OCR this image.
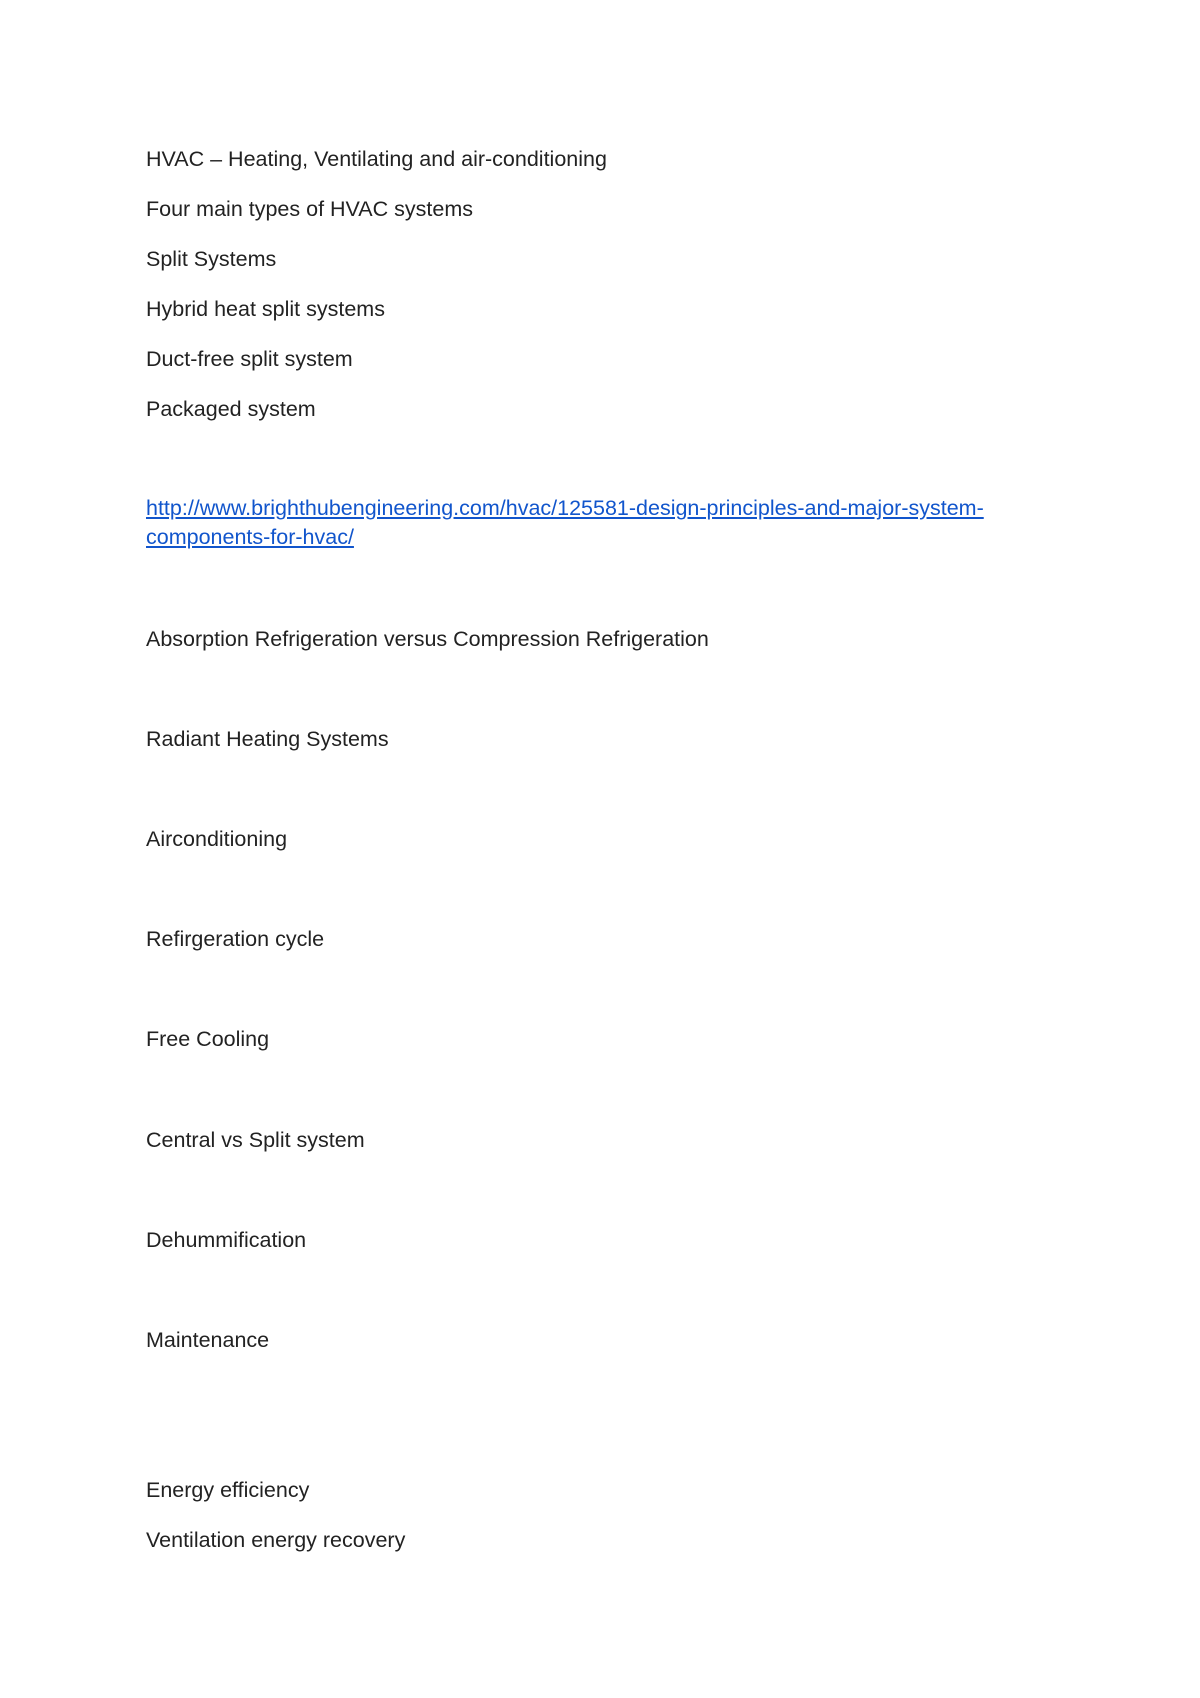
HVAC – Heating, Ventilating and air-conditioning

Four main types of HVAC systems

Split Systems

Hybrid heat split systems

Duct-free split system

Packaged system

http://www.brighthubengineering.com/hvac/125581-design-principles-and-major-system-
components-for-hvac/

Absorption Refrigeration versus Compression Refrigeration

Radiant Heating Systems

Airconditioning

Refirgeration cycle

Free Cooling

Central vs Split system

Dehummification

Maintenance

Energy efficiency

Ventilation energy recovery
